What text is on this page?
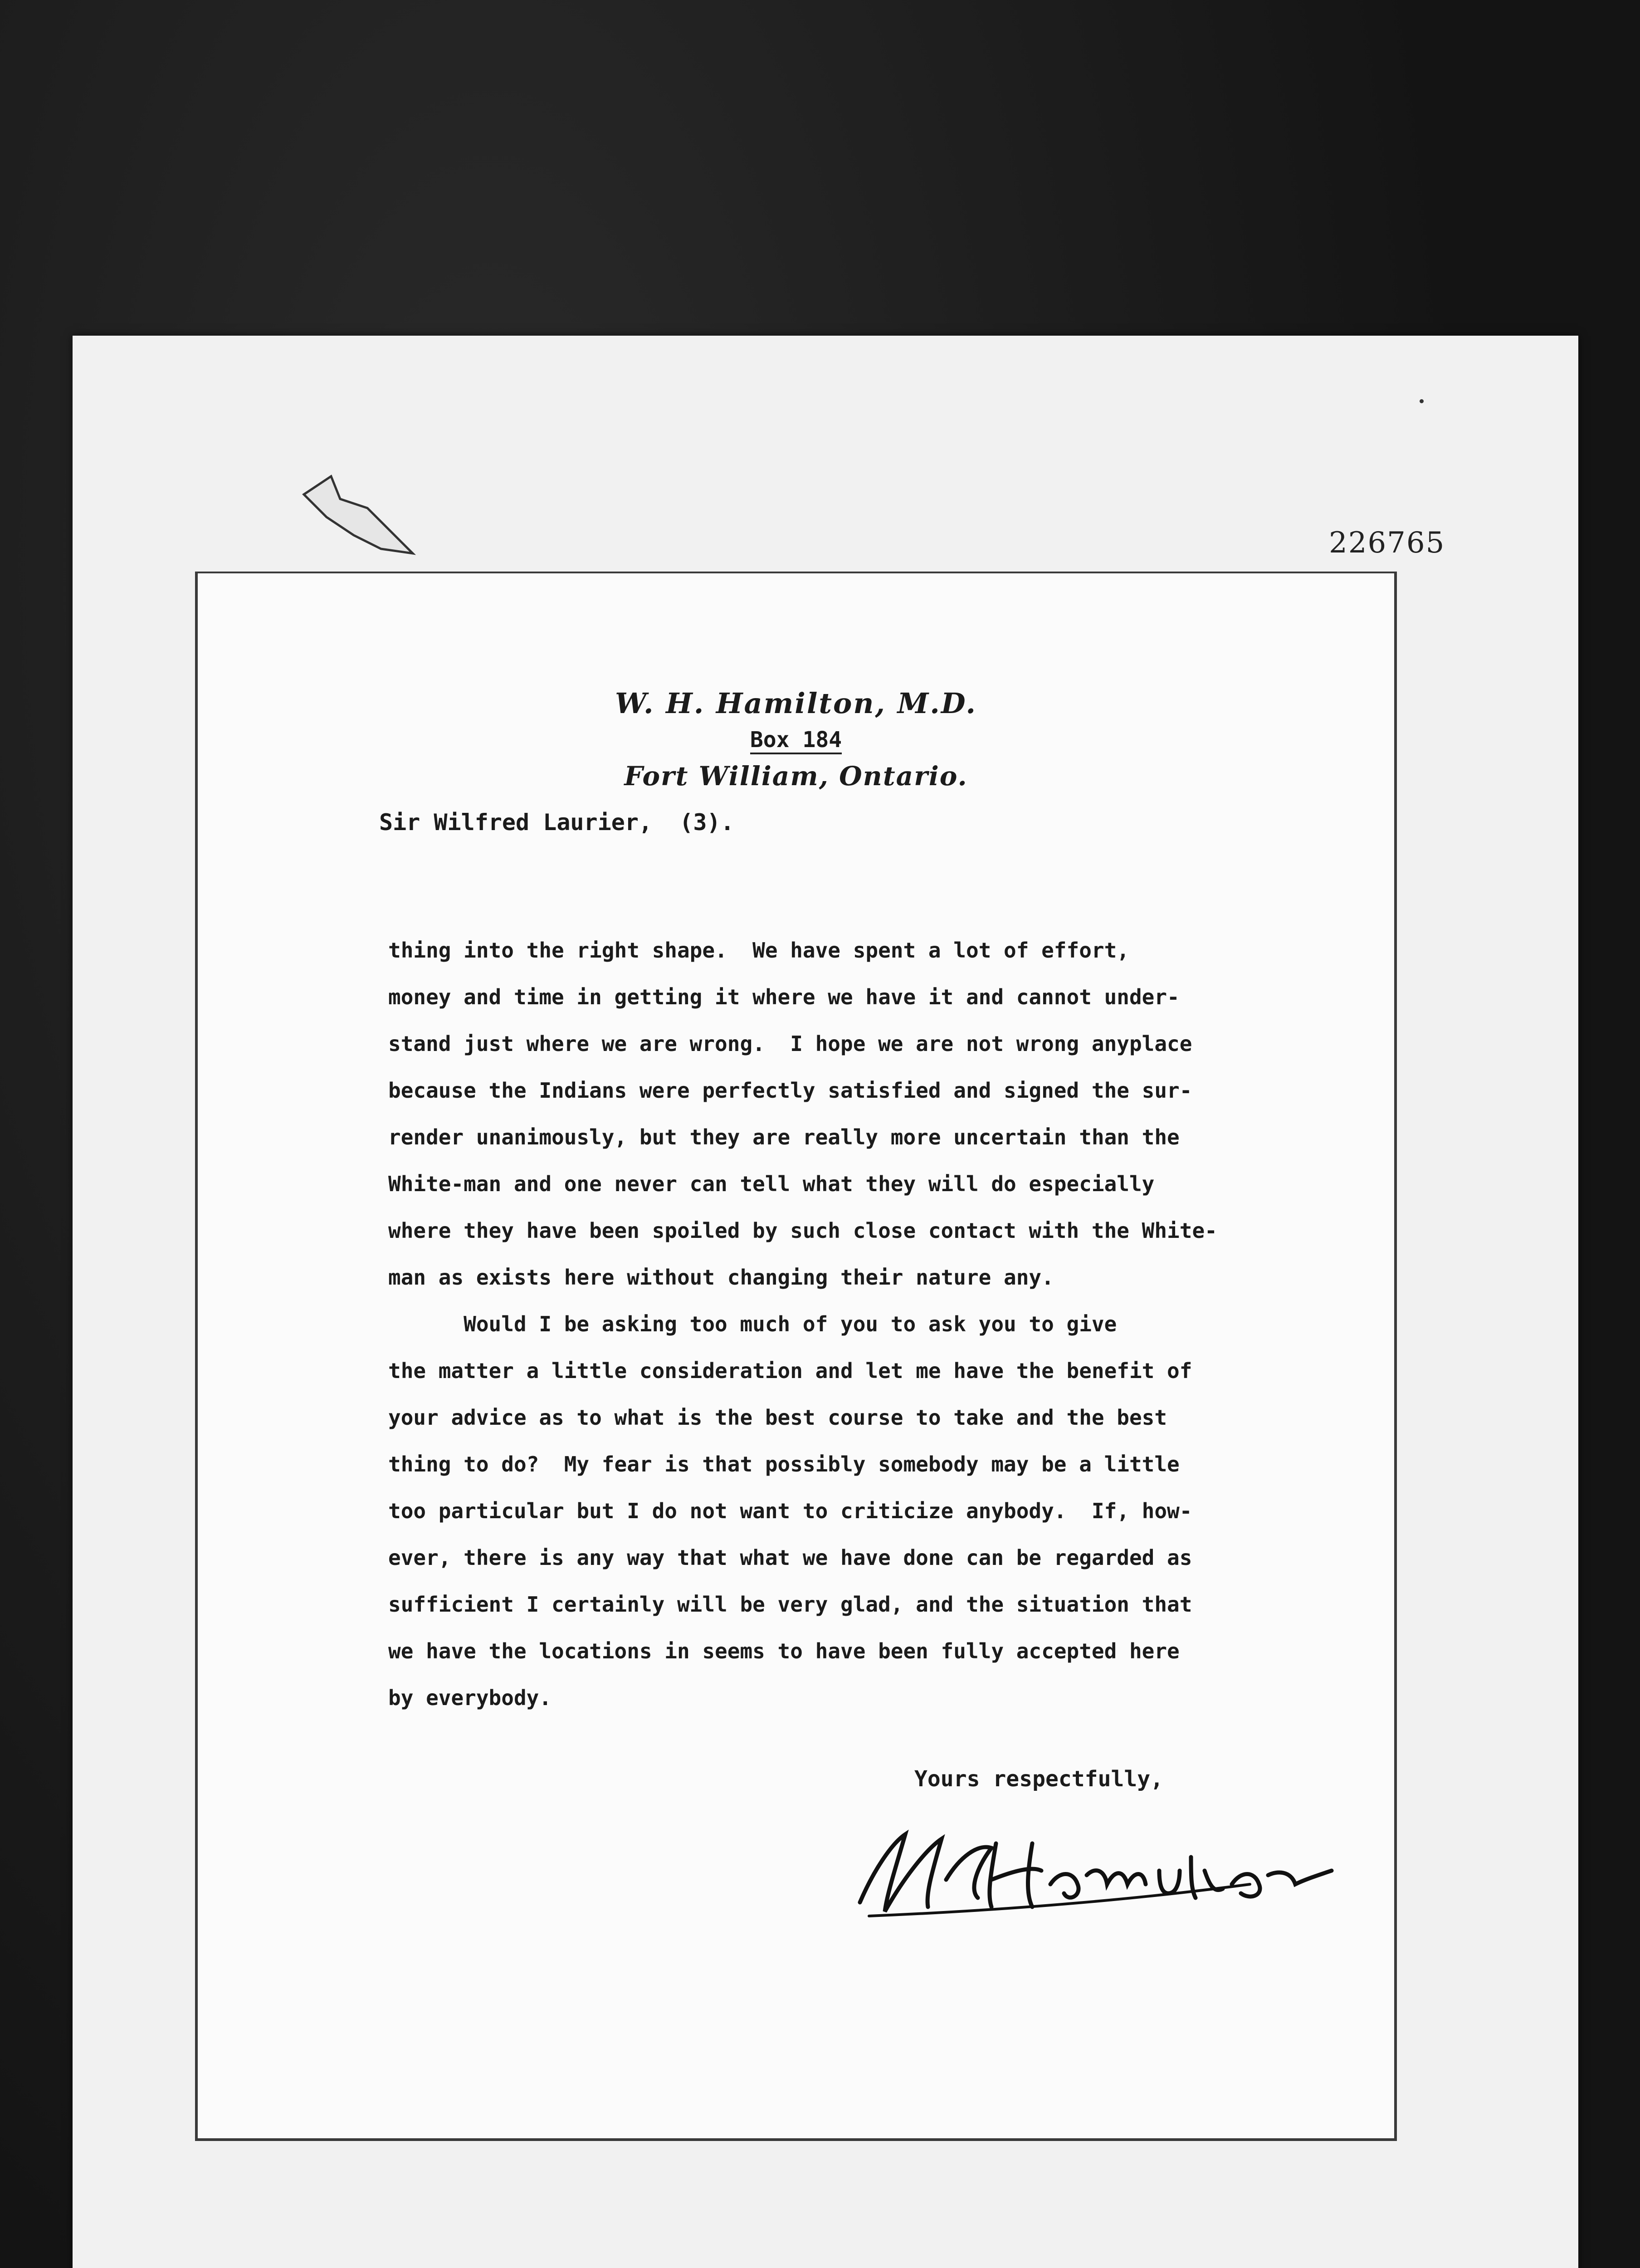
226765
W. H. Hamilton, M.D.
Box 184
Fort William, Ontario.
Sir Wilfred Laurier,  (3).

thing into the right shape.  We have spent a lot of effort,

money and time in getting it where we have it and cannot under-

stand just where we are wrong.  I hope we are not wrong anyplace

because the Indians were perfectly satisfied and signed the sur-

render unanimously, but they are really more uncertain than the

White-man and one never can tell what they will do especially

where they have been spoiled by such close contact with the White-

man as exists here without changing their nature any.

Would I be asking too much of you to ask you to give

the matter a little consideration and let me have the benefit of

your advice as to what is the best course to take and the best

thing to do?  My fear is that possibly somebody may be a little

too particular but I do not want to criticize anybody.  If, how-

ever, there is any way that what we have done can be regarded as

sufficient I certainly will be very glad, and the situation that

we have the locations in seems to have been fully accepted here

by everybody.

Yours respectfully,
